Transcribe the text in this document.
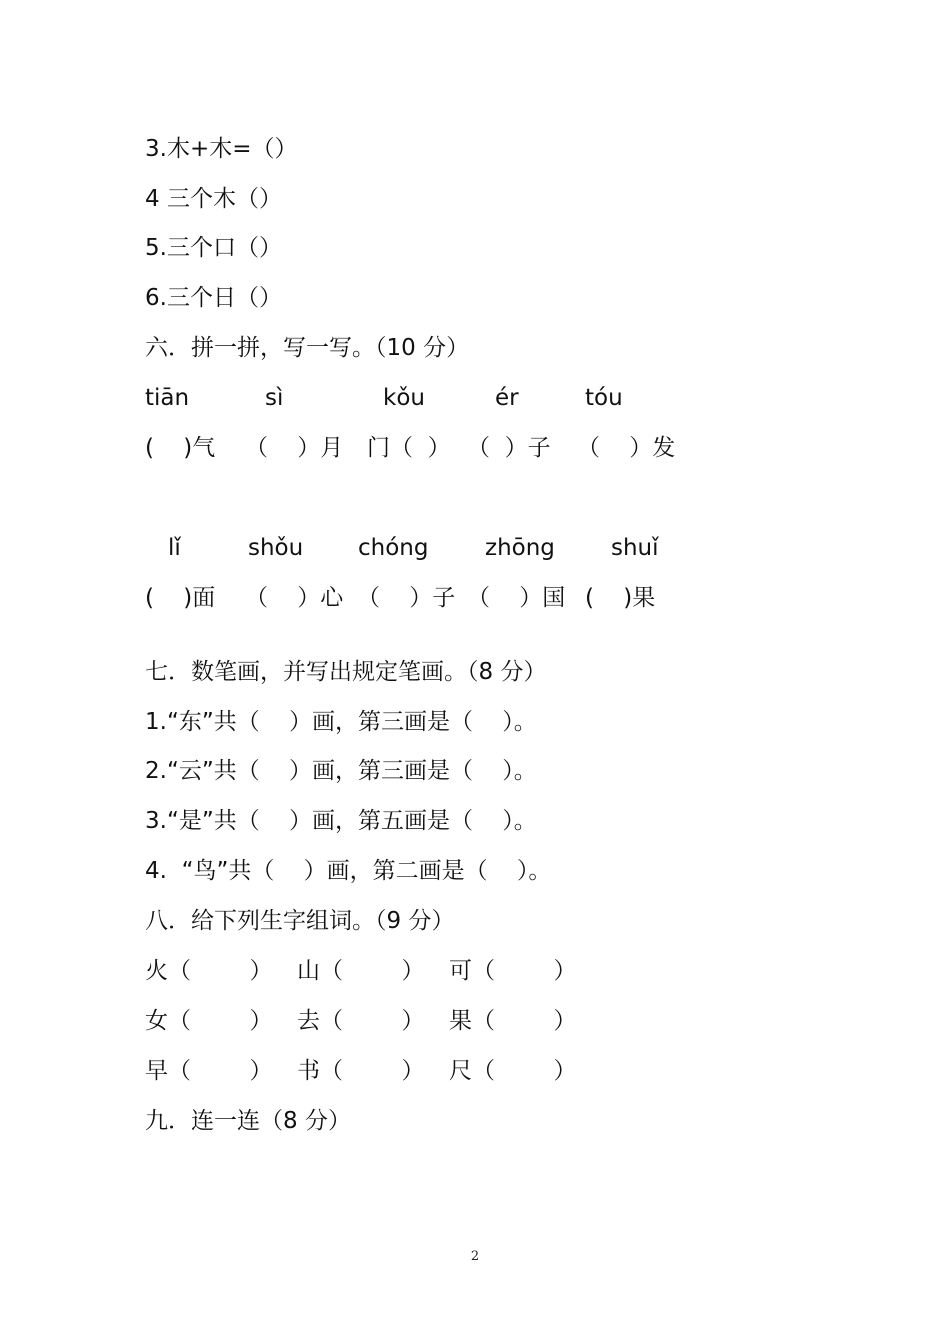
3.木+木=（）
4 三个木（）
5.三个口（）
6.三个日（）
六．拼一拼，写一写。（10 分）
tiān	sì	kǒu	ér	tóu
(    )气 （    ）月 门（  ） （  ）子 （    ）发
lǐ	shǒu chóng zhōng shuǐ
(    )面 （    ）心 （    ）子 （    ）国 (    )果
七．数笔画，并写出规定笔画。（8 分）
1.“东”共（    ）画，第三画是（    ）。
2.“云”共（    ）画，第三画是（    ）。
3.“是”共（    ）画，第五画是（    ）。
4.  “鸟”共（    ）画，第二画是（    ）。
八．给下列生字组词。（9 分）
火（        ） 山（        ） 可（        ）
女（        ） 去（        ） 果（        ）
早（        ） 书（        ） 尺（        ）
九．连一连（8 分）
2
